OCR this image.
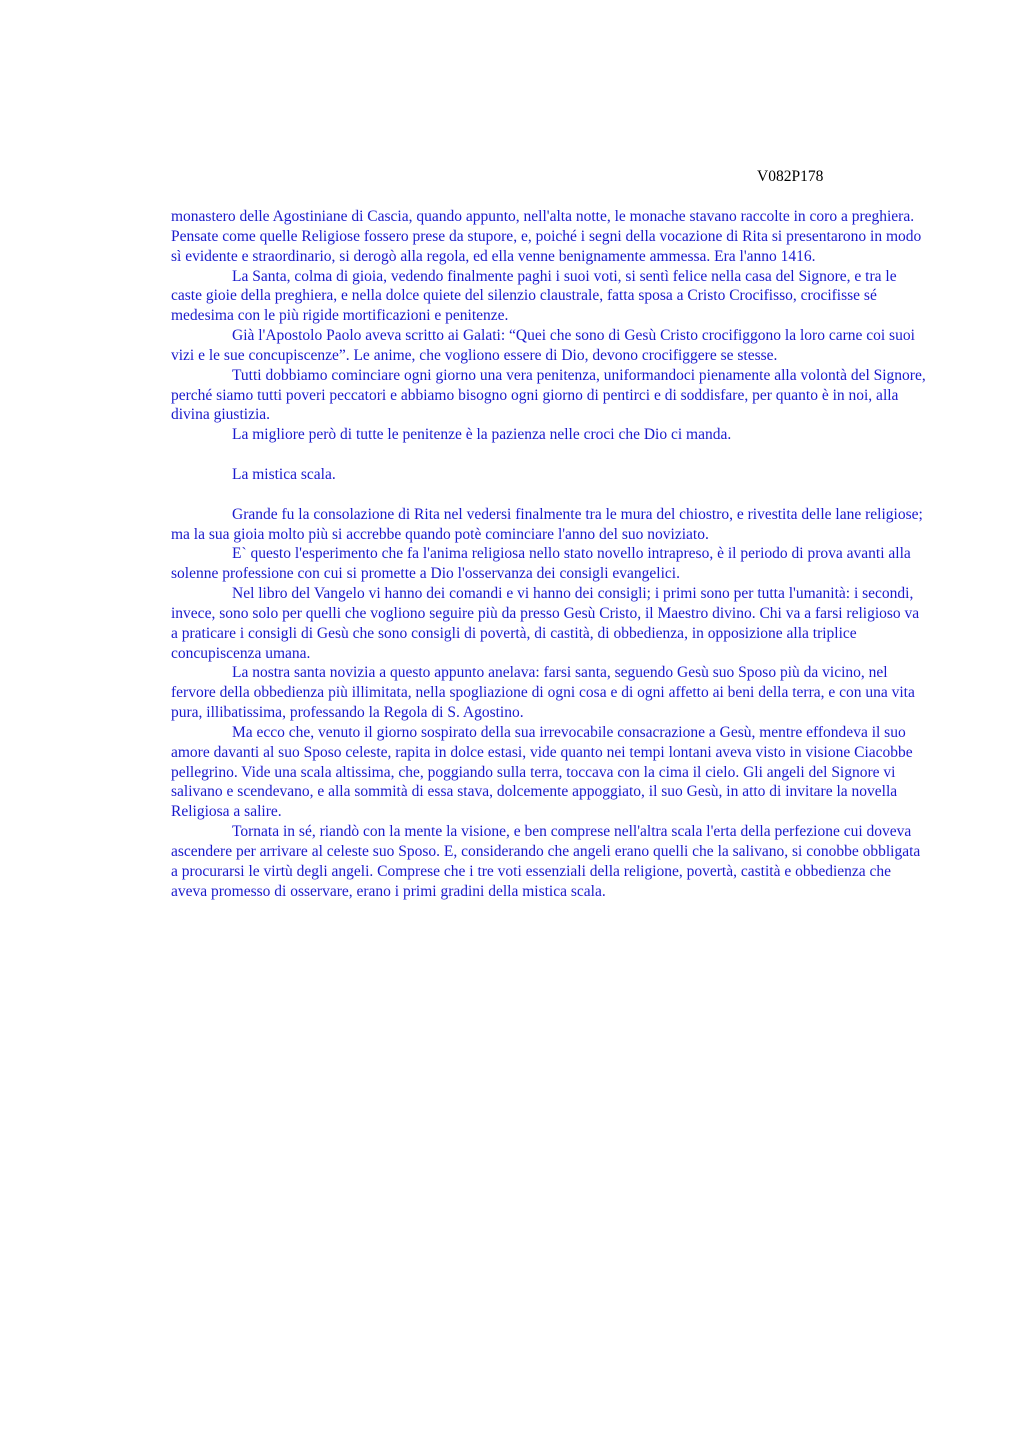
V082P178

monastero delle Agostiniane di Cascia, quando appunto, nell'alta notte, le monache stavano raccolte in coro a preghiera.

Pensate come quelle Religiose fossero prese da stupore, e, poiché i segni della vocazione di Rita si presentarono in modo sì evidente e straordinario, si derogò alla regola, ed ella venne benignamente ammessa. Era l'anno 1416.

La Santa, colma di gioia, vedendo finalmente paghi i suoi voti, si sentì felice nella casa del Signore, e tra le caste gioie della preghiera, e nella dolce quiete del silenzio claustrale, fatta sposa a Cristo Crocifisso, crocifisse sé medesima con le più rigide mortificazioni e penitenze.

Già l'Apostolo Paolo aveva scritto ai Galati: “Quei che sono di Gesù Cristo crocifiggono la loro carne coi suoi vizi e le sue concupiscenze”. Le anime, che vogliono essere di Dio, devono crocifiggere se stesse.

Tutti dobbiamo cominciare ogni giorno una vera penitenza, uniformandoci pienamente alla volontà del Signore, perché siamo tutti poveri peccatori e abbiamo bisogno ogni giorno di pentirci e di soddisfare, per quanto è in noi, alla divina giustizia.

La migliore però di tutte le penitenze è la pazienza nelle croci che Dio ci manda.

La mistica scala.

Grande fu la consolazione di Rita nel vedersi finalmente tra le mura del chiostro, e rivestita delle lane religiose; ma la sua gioia molto più si accrebbe quando potè cominciare l'anno del suo noviziato.

E` questo l'esperimento che fa l'anima religiosa nello stato novello intrapreso, è il periodo di prova avanti alla solenne professione con cui si promette a Dio l'osservanza dei consigli evangelici.

Nel libro del Vangelo vi hanno dei comandi e vi hanno dei consigli; i primi sono per tutta l'umanità: i secondi, invece, sono solo per quelli che vogliono seguire più da presso Gesù Cristo, il Maestro divino. Chi va a farsi religioso va a praticare i consigli di Gesù che sono consigli di povertà, di castità, di obbedienza, in opposizione alla triplice concupiscenza umana.

La nostra santa novizia a questo appunto anelava: farsi santa, seguendo Gesù suo Sposo più da vicino, nel fervore della obbedienza più illimitata, nella spogliazione di ogni cosa e di ogni affetto ai beni della terra, e con una vita pura, illibatissima, professando la Regola di S. Agostino.

Ma ecco che, venuto il giorno sospirato della sua irrevocabile consacrazione a Gesù, mentre effondeva il suo amore davanti al suo Sposo celeste, rapita in dolce estasi, vide quanto nei tempi lontani aveva visto in visione Ciacobbe pellegrino. Vide una scala altissima, che, poggiando sulla terra, toccava con la cima il cielo. Gli angeli del Signore vi salivano e scendevano, e alla sommità di essa stava, dolcemente appoggiato, il suo Gesù, in atto di invitare la novella Religiosa a salire.

Tornata in sé, riandò con la mente la visione, e ben comprese nell'altra scala l'erta della perfezione cui doveva ascendere per arrivare al celeste suo Sposo. E, considerando che angeli erano quelli che la salivano, si conobbe obbligata a procurarsi le virtù degli angeli. Comprese che i tre voti essenziali della religione, povertà, castità e obbedienza che aveva promesso di osservare, erano i primi gradini della mistica scala.
